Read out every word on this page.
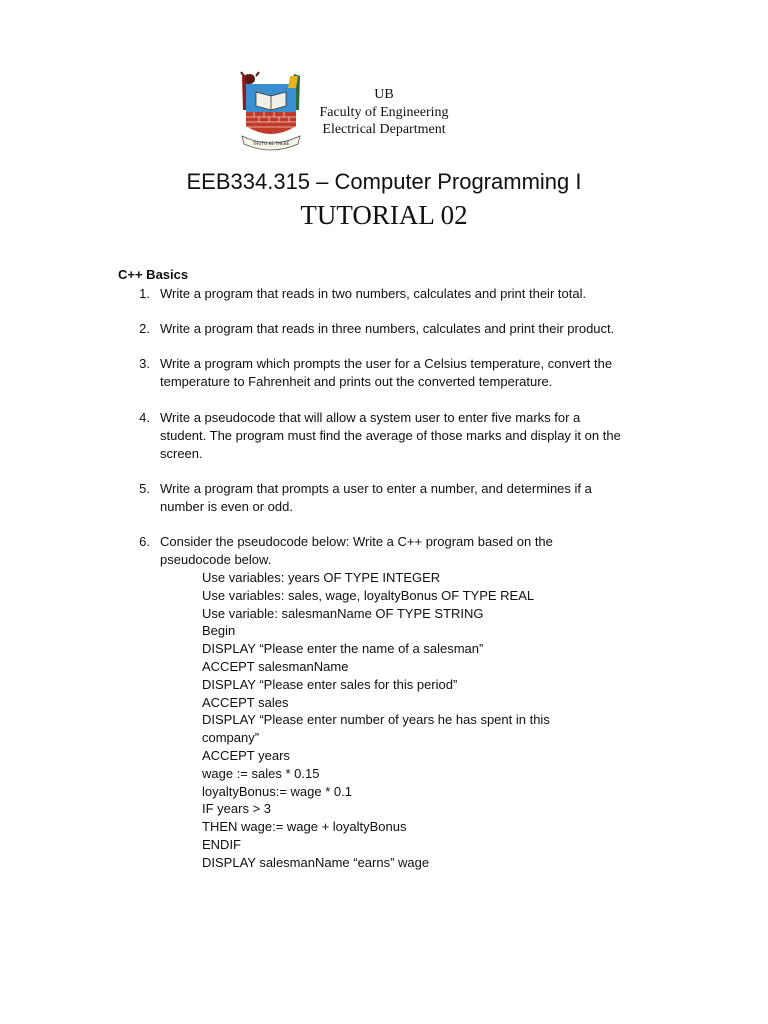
THUTO KE THEBE
UB
Faculty of Engineering
Electrical Department
EEB334.315 – Computer Programming I
TUTORIAL 02
C++ Basics
1. Write a program that reads in two numbers, calculates and print their total.
2. Write a program that reads in three numbers, calculates and print their product.
3. Write a program which prompts the user for a Celsius temperature, convert the
temperature to Fahrenheit and prints out the converted temperature.
4. Write a pseudocode that will allow a system user to enter five marks for a
student. The program must find the average of those marks and display it on the
screen.
5. Write a program that prompts a user to enter a number, and determines if a
number is even or odd.
6. Consider the pseudocode below: Write a C++ program based on the
pseudocode below.
Use variables: years OF TYPE INTEGER
Use variables: sales, wage, loyaltyBonus OF TYPE REAL
Use variable: salesmanName OF TYPE STRING
Begin
DISPLAY “Please enter the name of a salesman”
ACCEPT salesmanName
DISPLAY “Please enter sales for this period”
ACCEPT sales
DISPLAY “Please enter number of years he has spent in this
company”
ACCEPT years
wage := sales * 0.15
loyaltyBonus:= wage * 0.1
IF years > 3
THEN wage:= wage + loyaltyBonus
ENDIF
DISPLAY salesmanName “earns” wage
